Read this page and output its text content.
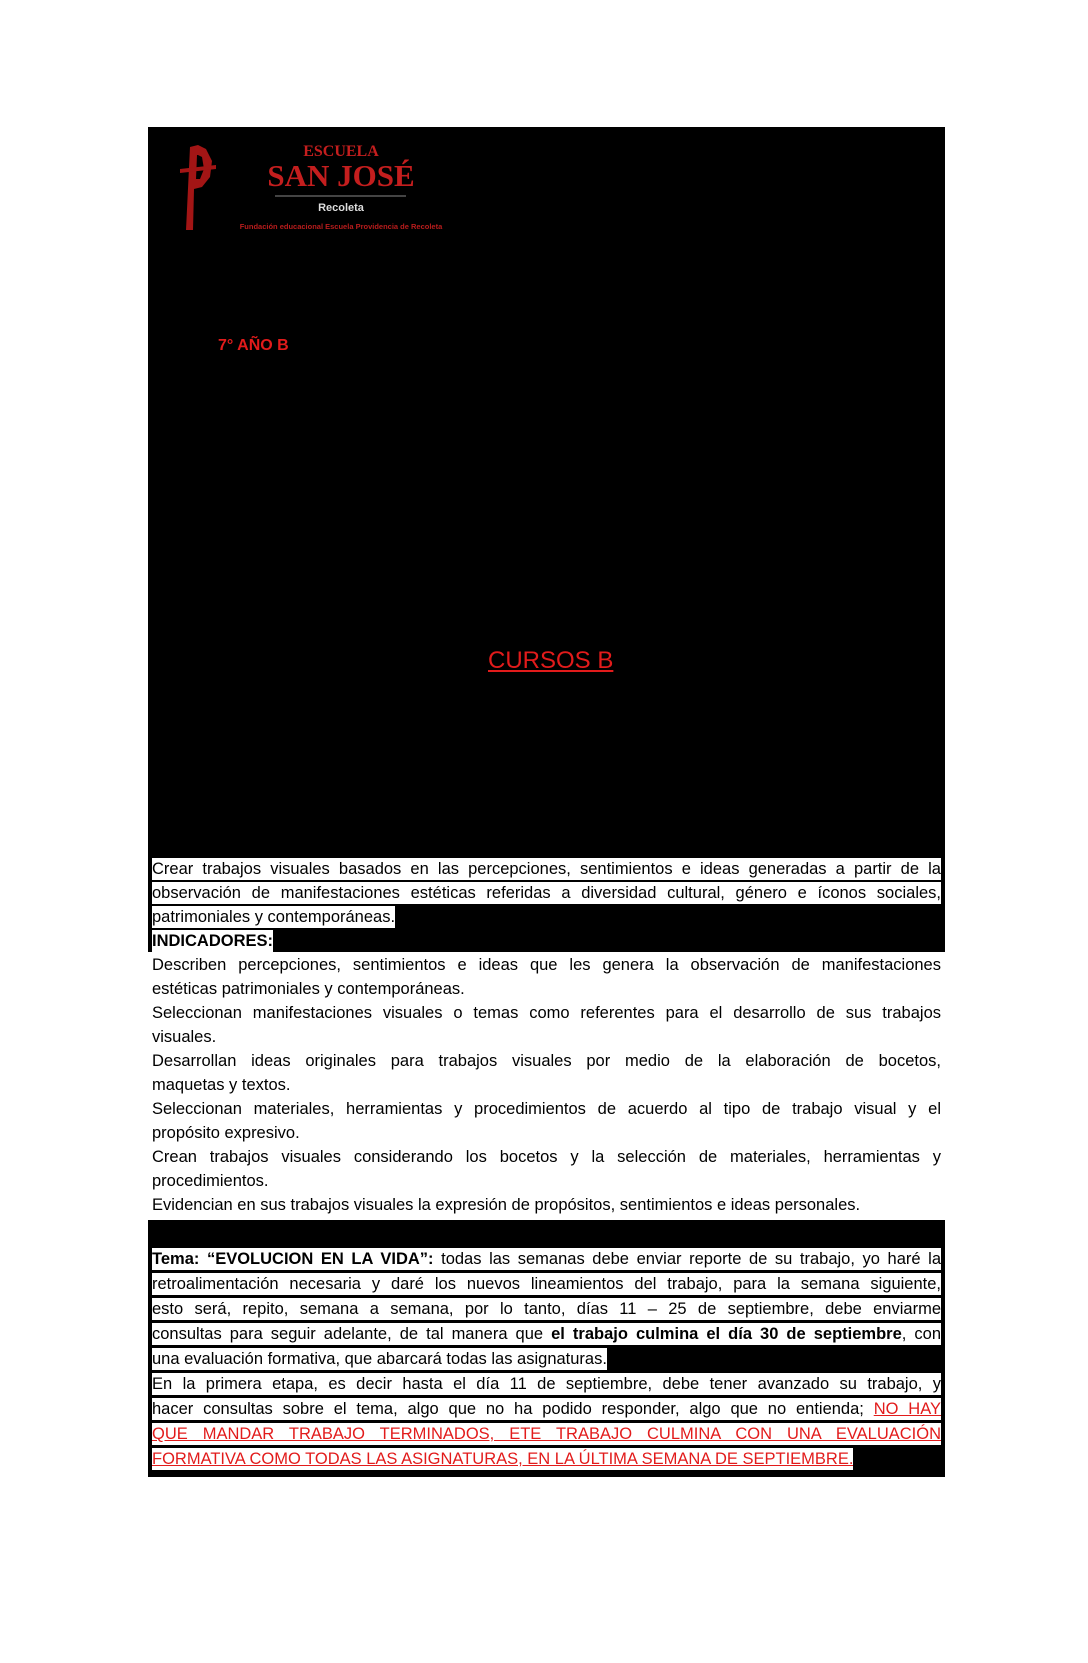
ESCUELA
SAN JOSÉ
Recoleta
Fundación educacional Escuela Providencia de Recoleta
7° AÑO B
CURSOS B
Crear trabajos visuales basados en las percepciones, sentimientos e ideas generadas a partir de la
observación de manifestaciones estéticas referidas a diversidad cultural, género e íconos sociales,
patrimoniales y contemporáneas.
INDICADORES:
Describen percepciones, sentimientos e ideas que les genera la observación de manifestaciones
estéticas patrimoniales y contemporáneas.
Seleccionan manifestaciones visuales o temas como referentes para el desarrollo de sus trabajos
visuales.
Desarrollan ideas originales para trabajos visuales por medio de la elaboración de bocetos,
maquetas y textos.
Seleccionan materiales, herramientas y procedimientos de acuerdo al tipo de trabajo visual y el
propósito expresivo.
Crean trabajos visuales considerando los bocetos y la selección de materiales, herramientas y
procedimientos.
Evidencian en sus trabajos visuales la expresión de propósitos, sentimientos e ideas personales.
Tema: “EVOLUCION EN LA VIDA”: todas las semanas debe enviar reporte de su trabajo, yo haré la
retroalimentación necesaria y daré los nuevos lineamientos del trabajo, para la semana siguiente,
esto será, repito, semana a semana, por lo tanto, días 11 – 25 de septiembre, debe enviarme
consultas para seguir adelante, de tal manera que el trabajo culmina el día 30 de septiembre, con
una evaluación formativa, que abarcará todas las asignaturas.
En la primera etapa, es decir hasta el día 11 de septiembre, debe tener avanzado su trabajo, y
hacer consultas sobre el tema, algo que no ha podido responder, algo que no entienda; NO HAY
QUE MANDAR TRABAJO TERMINADOS, ETE TRABAJO CULMINA CON UNA EVALUACIÓN
FORMATIVA COMO TODAS LAS ASIGNATURAS, EN LA ÚLTIMA SEMANA DE SEPTIEMBRE.
